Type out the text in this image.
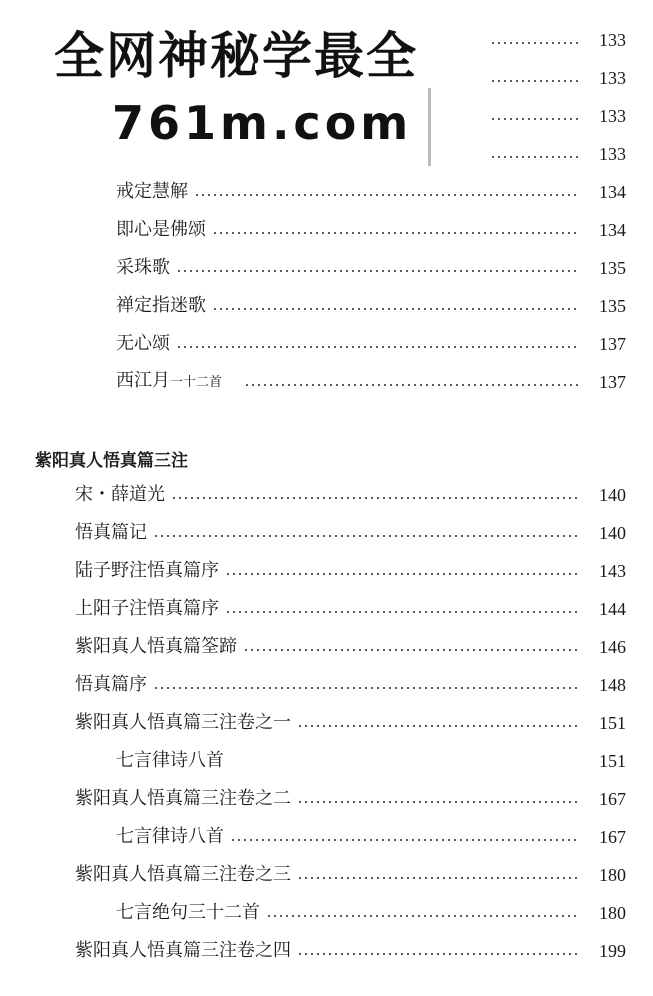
全网神秘学最全
761m.com
133
133
133
133
戒定慧解	134
即心是佛颂	134
采珠歌	135
禅定指迷歌	135
无心颂	137
西江月一十二首	137
紫阳真人悟真篇三注
宋・薛道光	140
悟真篇记	140
陆子野注悟真篇序	143
上阳子注悟真篇序	144
紫阳真人悟真篇筌蹄	146
悟真篇序	148
紫阳真人悟真篇三注卷之一	151
七言律诗八首	151
紫阳真人悟真篇三注卷之二	167
七言律诗八首	167
紫阳真人悟真篇三注卷之三	180
七言绝句三十二首	180
紫阳真人悟真篇三注卷之四	199
